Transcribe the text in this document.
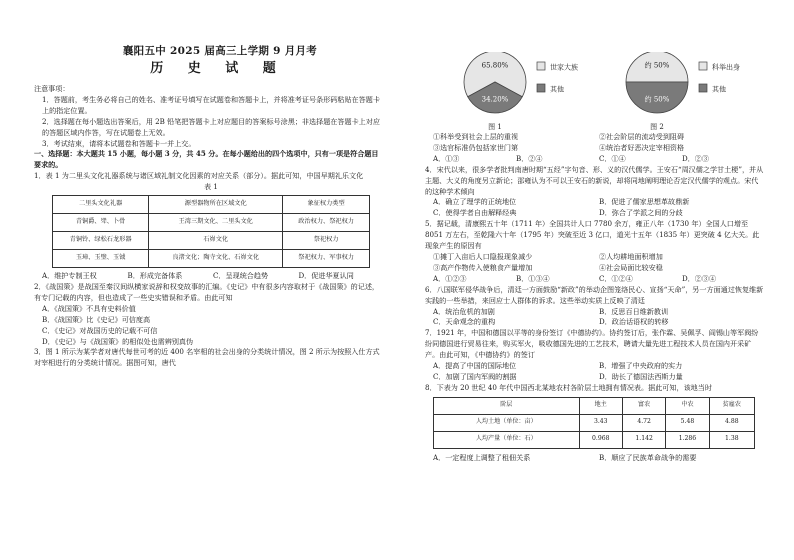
襄阳五中 2025 届高三上学期 9 月月考
历 史 试 题

注意事项：

1．答题前，考生务必将自己的姓名、准考证号填写在试题卷和答题卡上，并将准考证号条形码粘贴在答题卡上的指定位置。

2．选择题在每小题选出答案后，用 2B 铅笔把答题卡上对应题目的答案标号涂黑；非选择题在答题卡上对应的答题区域内作答，写在试题卷上无效。

3．考试结束，请将本试题卷和答题卡一并上交。

一、选择题：本大题共 15 小题，每小题 3 分，共 45 分。在每小题给出的四个选项中，只有一项是符合题目要求的。

1．表 1 为二里头文化礼器系统与诸区域礼制文化因素的对应关系（部分）。据此可知，中国早期礼乐文化

表 1
二里头文化礼器	源型器物所在区域文化	象征权力类型
青铜爵、斝、卜骨	王湾三期文化、二里头文化	政治权力、祭祀权力
青铜铃、绿松石龙形器	石峁文化	祭祀权力
玉璋、玉璧、玉钺	良渚文化；陶寺文化、石峁文化	祭祀权力、军事权力
A．维护专制王权	B．形成完备体系	C．呈现统合趋势	D．促进华夏认同

2．《战国策》是战国至秦汉间纵横家说辞和权变故事的汇编。《史记》中有很多内容取材于《战国策》的记述，有专门记载的内容，但也造成了一些史实错误和矛盾。由此可知

A．《战国策》不具有史料价值

B．《战国策》比《史记》可信度高

C．《史记》对战国历史的记载不可信

D．《史记》与《战国策》的相似处也需辨别真伪

3．图 1 所示为某学者对唐代每世可考的近 400 名宰相的社会出身的分类统计情况，图 2 所示为按照入仕方式对宰相进行的分类统计情况。据图可知，唐代

65.80%
34.20%
世家大族
其他
图 1
约 50%
约 50%
科举出身
其他
图 2
①科举受到社会上层的重视	②社会阶层的流动受到阻碍
③选官标准仍包括家世门第	④统治者好恶决定宰相资格
A．①③	B．②④	C．①④	D．②③

4．宋代以来，很多学者批判南唐时期“五经”字句音、形、义的汉代儒学。王安石“周汉儒之学甘土梗”，并从主题、大义的角度另立新论；邵雍认为不可以王安石的新说，却将同地阐明理论否定汉代儒学的观点。宋代的这种学术倾向

A．确立了理学的正统地位	B．促进了儒家思想革故鼎新
C．使得学者自由解释经典	D．弥合了学派之间的分歧

5．据记载，清康熙五十年（1711 年）全国共计人口 7780 余万，雍正八年（1730 年）全国人口增至 8051 万左右，至乾隆六十年（1795 年）突破至近 3 亿口，道光十五年（1835 年）更突破 4 亿大关。此现象产生的原因有

①摊丁入亩后人口隐报现象减少	②人均耕地面积增加
③高产作物传入使粮食产量增加	④社会局面比较安稳
A．①②③	B．①③④	C．①②④	D．②③④

6．八国联军侵华战争后，清廷一方面鼓励“新政”的举动企图笼络民心、宣扬“天命”，另一方面通过恢复维新实践的一些举措，来回应士人群体的诉求。这些举动实质上反映了清廷

A．统治危机的加剧	B．反思百日维新教训
C．天命观念的重构	D．政治话语权的转移

7．1921 年，中国和德国以平等的身份签订《中德协约》。协约签订后，张作霖、吴佩孚、阎锡山等军阀纷纷同德国进行贸易往来，购买军火，吸收德国先进的工艺技术，聘请大量先进工程技术人员在国内开采矿产。由此可知，《中德协约》的签订

A．提高了中国的国际地位	B．增强了中央政府的实力
C．加剧了国内军阀的割据	D．助长了德国法西斯力量

8．下表为 20 世纪 40 年代中国西北某地农村各阶层土地拥有情况表。据此可知，该地当时

阶层	地主	富农	中农	贫雇农
人均土地（单位：亩）	3.43	4.72	5.48	4.88
人均产量（单位：石）	0.968	1.142	1.286	1.38
A．一定程度上调整了租佃关系	B．顺应了民族革命战争的需要
